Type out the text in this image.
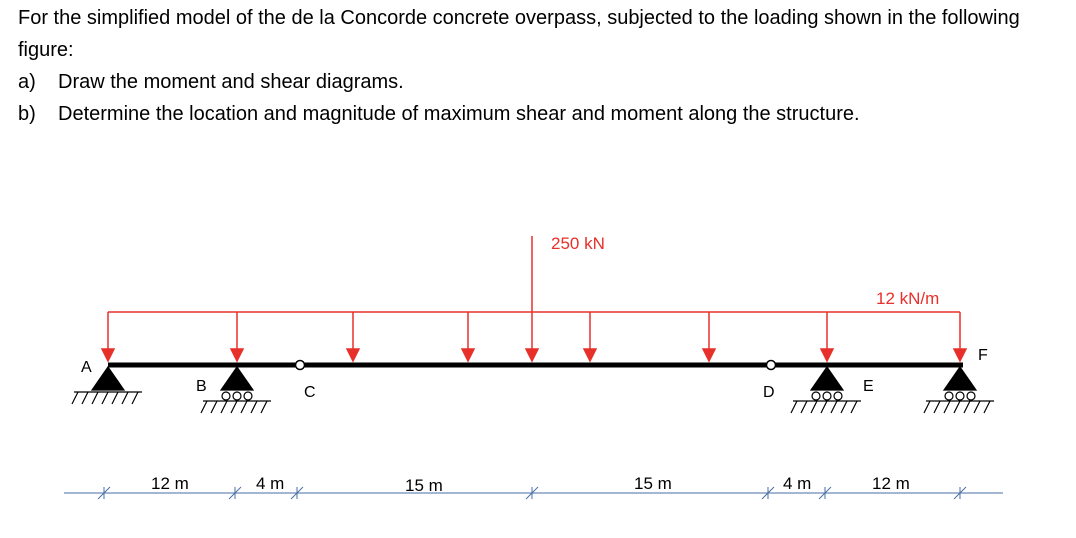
For the simplified model of the de la Concorde concrete overpass, subjected to the loading shown in the following figure:

a) Draw the moment and shear diagrams.

b) Determine the location and magnitude of maximum shear and moment along the structure.

250 kN
12 kN/m
A
B	C	D	E
F
12 m	4 m	15 m	15 m	4 m	12 m
